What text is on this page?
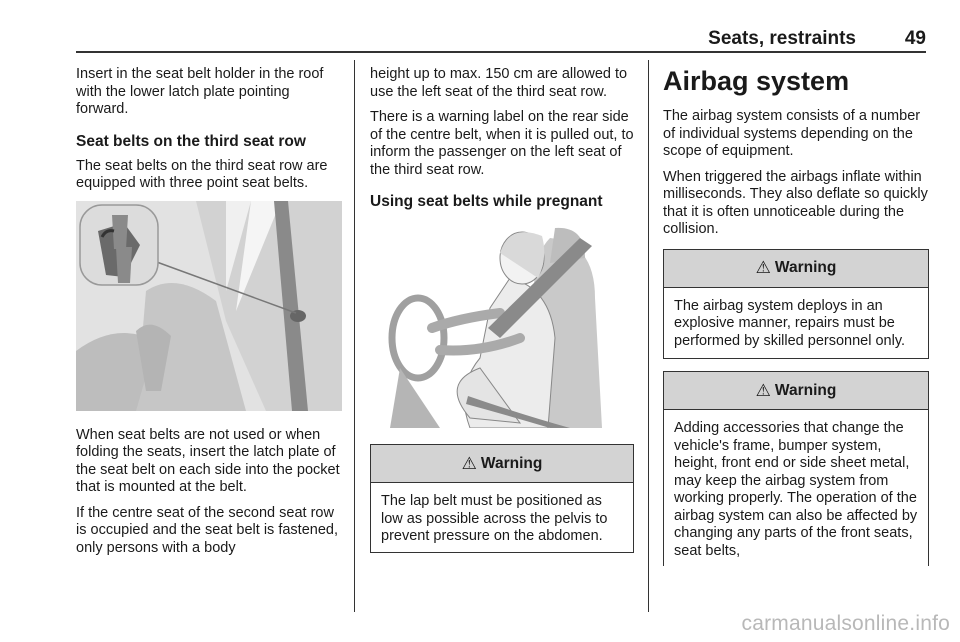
Seats, restraints	49

Insert in the seat belt holder in the roof with the lower latch plate pointing forward.

Seat belts on the third seat row

The seat belts on the third seat row are equipped with three point seat belts.

When seat belts are not used or when folding the seats, insert the latch plate of the seat belt on each side into the pocket that is mounted at the belt.

If the centre seat of the second seat row is occupied and the seat belt is fastened, only persons with a body

height up to max. 150 cm are allowed to use the left seat of the third seat row.

There is a warning label on the rear side of the centre belt, when it is pulled out, to inform the passenger on the left seat of the third seat row.

Using seat belts while pregnant
⚠ Warning

The lap belt must be positioned as low as possible across the pelvis to prevent pressure on the abdomen.

Airbag system

The airbag system consists of a number of individual systems depending on the scope of equipment.

When triggered the airbags inflate within milliseconds. They also deflate so quickly that it is often unnoticeable during the collision.

⚠ Warning

The airbag system deploys in an explosive manner, repairs must be performed by skilled personnel only.

⚠ Warning

Adding accessories that change the vehicle's frame, bumper system, height, front end or side sheet metal, may keep the airbag system from working properly. The operation of the airbag system can also be affected by changing any parts of the front seats, seat belts,

carmanualsonline.info
